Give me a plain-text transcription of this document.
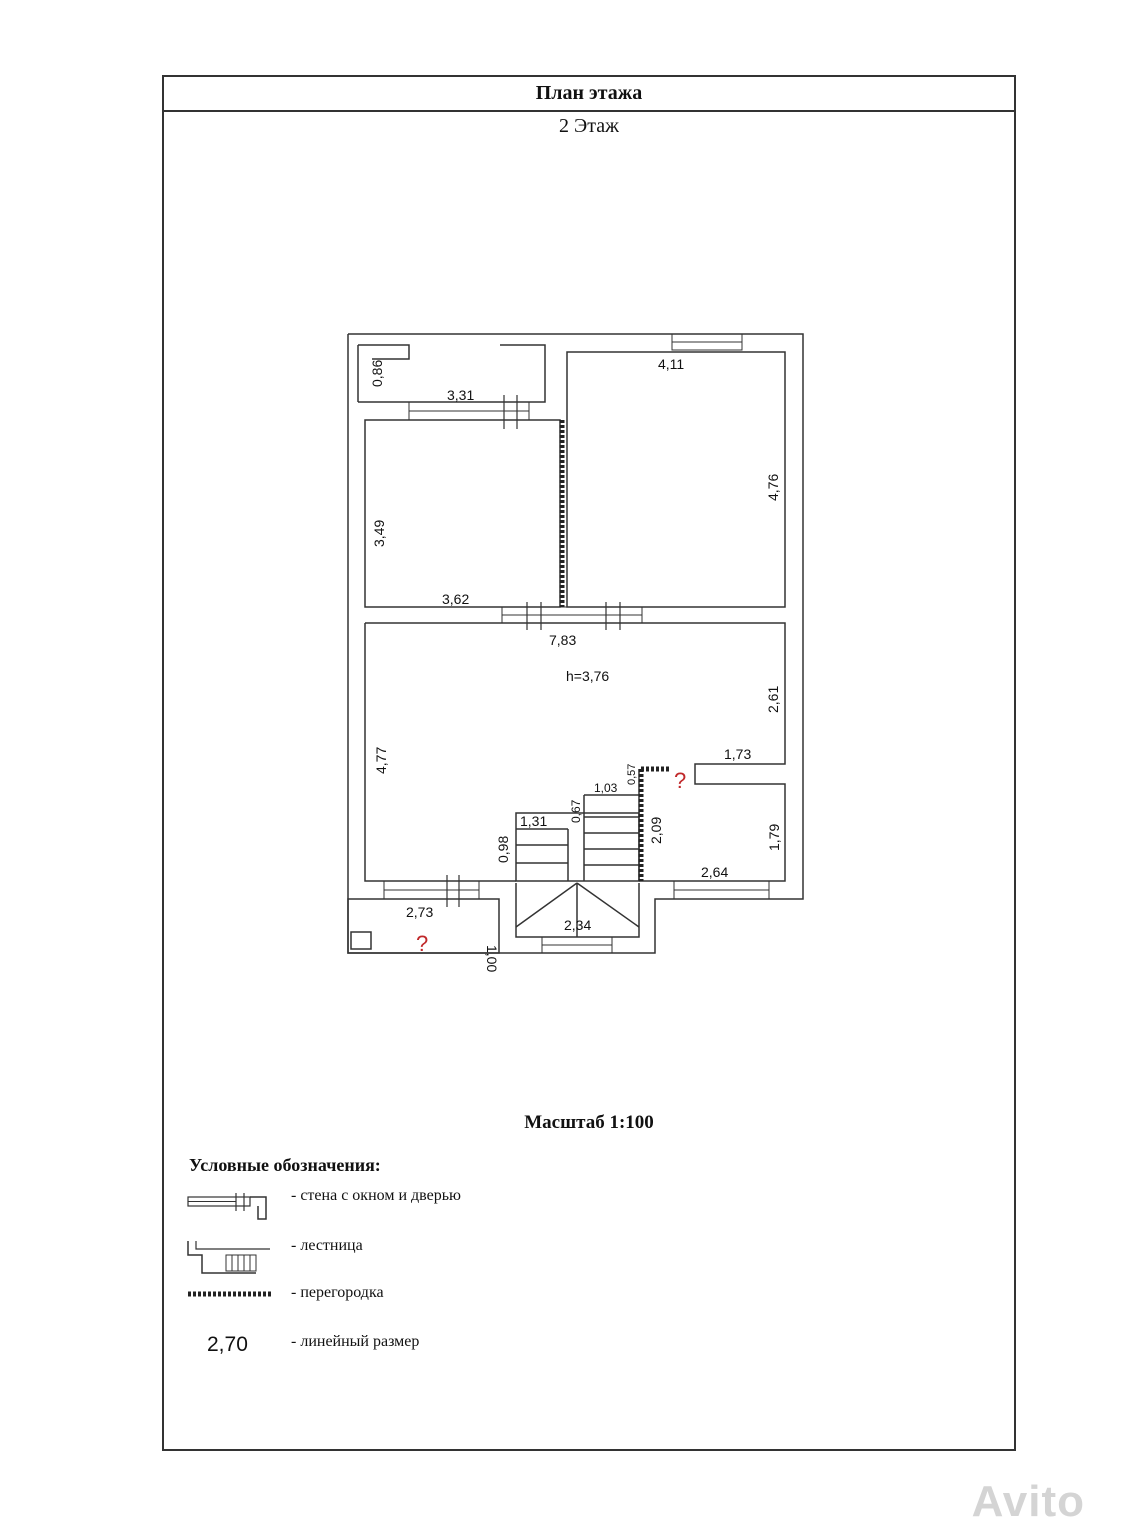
План этажа
2 Этаж
0,86
3,31
4,11
3,49
4,76
3,62
7,83
h=3,76
2,61
4,77	1,73
0,57
1,03
0,67
1,31	2,09	1,79
0,98
2,64
2,73
1,00
2,34
?
?
Масштаб 1:100
Условные обозначения:
- стена с окном и дверью
- лестница
- перегородка
2,70	- линейный размер
Avito
